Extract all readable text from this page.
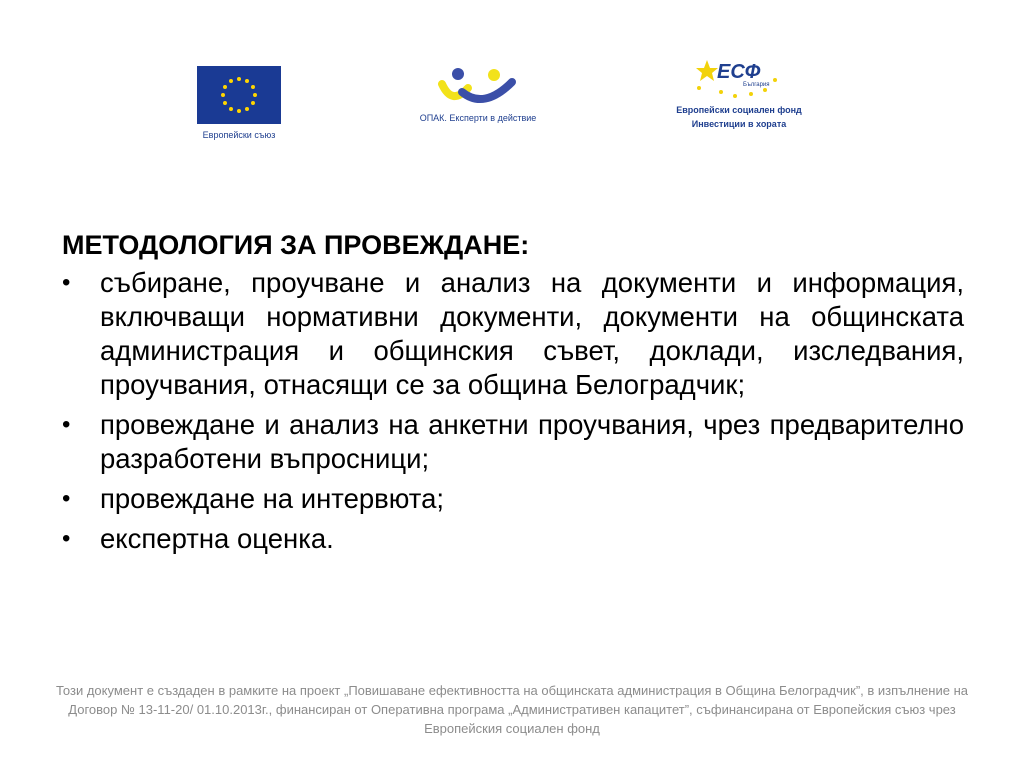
Европейски съюз
ОПАК. Експерти в действие
ЕСФ
България
Европейски социален фонд
Инвестиции в хората
МЕТОДОЛОГИЯ ЗА ПРОВЕЖДАНЕ:
• събиране, проучване и анализ на документи и информация, включващи нормативни документи, документи на общинската администрация и общинския съвет, доклади, изследвания, проучвания, отнасящи се за община Белоградчик;
• провеждане и анализ на анкетни проучвания, чрез предварително разработени въпросници;
• провеждане на интервюта;
• експертна оценка.
Този документ е създаден в рамките на проект „Повишаване ефективността на общинската администрация в Община Белоградчик”, в изпълнение на Договор № 13-11-20/ 01.10.2013г., финансиран от Оперативна програма „Административен капацитет”, съфинансирана от Европейския съюз чрез Европейския социален фонд
